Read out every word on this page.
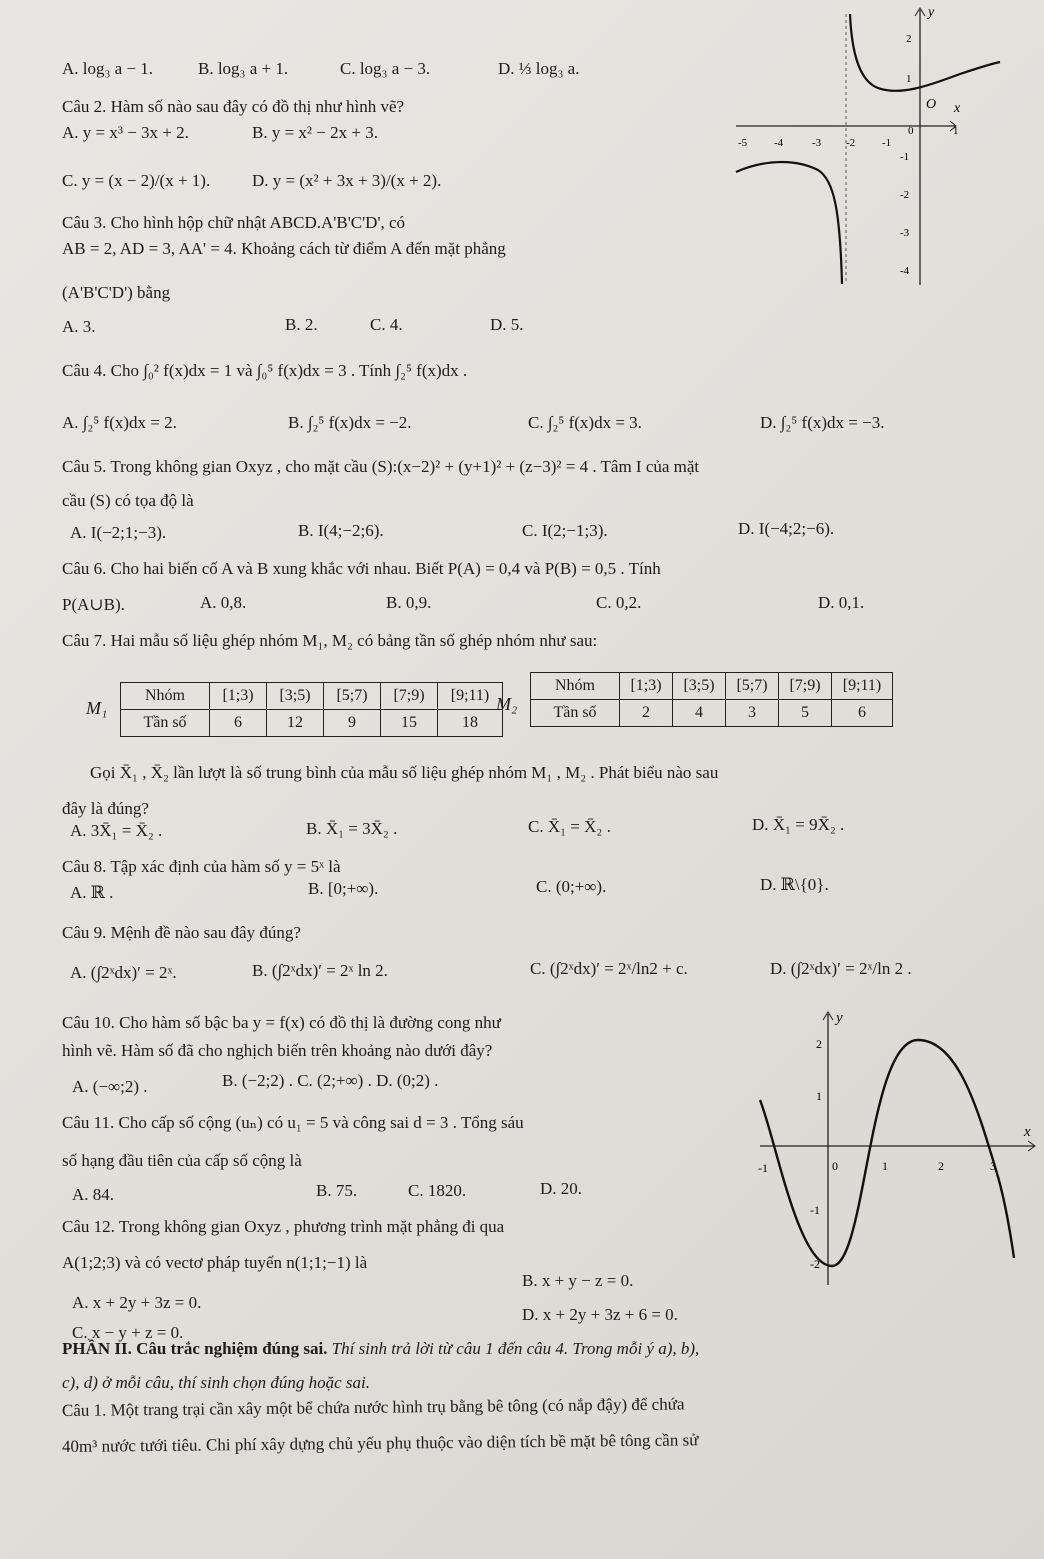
A. log₃ a − 1.	B. log₃ a + 1.	C. log₃ a − 3.	D. ⅓ log₃ a.
Câu 2. Hàm số nào sau đây có đồ thị như hình vẽ?
A. y = x³ − 3x + 2.	B. y = x² − 2x + 3.
C. y = (x − 2)/(x + 1). D. y = (x² + 3x + 3)/(x + 2).
y
x
O
-5 -4	-3 -2 -1
0	1
2
1
-1
-2
-3
-4
Câu 3. Cho hình hộp chữ nhật ABCD.A'B'C'D', có
AB = 2, AD = 3, AA' = 4. Khoảng cách từ điểm A đến mặt phẳng
(A'B'C'D') bằng
A. 3.	B. 2.	C. 4.	D. 5.
Câu 4. Cho ∫₀² f(x)dx = 1 và ∫₀⁵ f(x)dx = 3 . Tính ∫₂⁵ f(x)dx .
A. ∫₂⁵ f(x)dx = 2.	B. ∫₂⁵ f(x)dx = −2.	C. ∫₂⁵ f(x)dx = 3.	D. ∫₂⁵ f(x)dx = −3.
Câu 5. Trong không gian Oxyz , cho mặt cầu (S):(x−2)² + (y+1)² + (z−3)² = 4 . Tâm I của mặt
cầu (S) có tọa độ là
A. I(−2;1;−3).	B. I(4;−2;6).	C. I(2;−1;3).	D. I(−4;2;−6).
Câu 6. Cho hai biến cố A và B xung khắc với nhau. Biết P(A) = 0,4 và P(B) = 0,5 . Tính
P(A∪B).	A. 0,8.	B. 0,9.	C. 0,2.	D. 0,1.
Câu 7. Hai mẫu số liệu ghép nhóm M₁, M₂ có bảng tần số ghép nhóm như sau:
M₁
Nhóm	[1;3)	[3;5)	[5;7)	[7;9)	[9;11)
Tần số	6	12	9	15	18
M₂
Nhóm	[1;3)	[3;5)	[5;7)	[7;9)	[9;11)
Tần số	2	4	3	5	6
Gọi X̄₁ , X̄₂ lần lượt là số trung bình của mẫu số liệu ghép nhóm M₁ , M₂ . Phát biểu nào sau
đây là đúng?
A. 3X̄₁ = X̄₂ .	B. X̄₁ = 3X̄₂ .	C. X̄₁ = X̄₂ .	D. X̄₁ = 9X̄₂ .
Câu 8. Tập xác định của hàm số y = 5ˣ là
A. ℝ .	B. [0;+∞).	C. (0;+∞).	D. ℝ\{0}.
Câu 9. Mệnh đề nào sau đây đúng?
A. (∫2ˣdx)′ = 2ˣ.	B. (∫2ˣdx)′ = 2ˣ ln 2.	C. (∫2ˣdx)′ = 2ˣ/ln2 + c.	D. (∫2ˣdx)′ = 2ˣ/ln 2 .
Câu 10. Cho hàm số bậc ba y = f(x) có đồ thị là đường cong như
hình vẽ. Hàm số đã cho nghịch biến trên khoảng nào dưới đây?
A. (−∞;2) .	B. (−2;2) . C. (2;+∞) . D. (0;2) .
y
x
-1	0	1	2	3
2
1
-1
-2
Câu 11. Cho cấp số cộng (uₙ) có u₁ = 5 và công sai d = 3 . Tổng sáu
số hạng đầu tiên của cấp số cộng là
A. 84.	B. 75.	C. 1820.	D. 20.
Câu 12. Trong không gian Oxyz , phương trình mặt phẳng đi qua
A(1;2;3) và có vectơ pháp tuyến n(1;1;−1) là
B. x + y − z = 0.
A. x + 2y + 3z = 0.
D. x + 2y + 3z + 6 = 0.
C. x − y + z = 0.
PHẦN II. Câu trắc nghiệm đúng sai. Thí sinh trả lời từ câu 1 đến câu 4. Trong mỗi ý a), b),
c), d) ở mỗi câu, thí sinh chọn đúng hoặc sai.
Câu 1. Một trang trại cần xây một bể chứa nước hình trụ bằng bê tông (có nắp đậy) để chứa
40m³ nước tưới tiêu. Chi phí xây dựng chủ yếu phụ thuộc vào diện tích bề mặt bê tông cần sử
